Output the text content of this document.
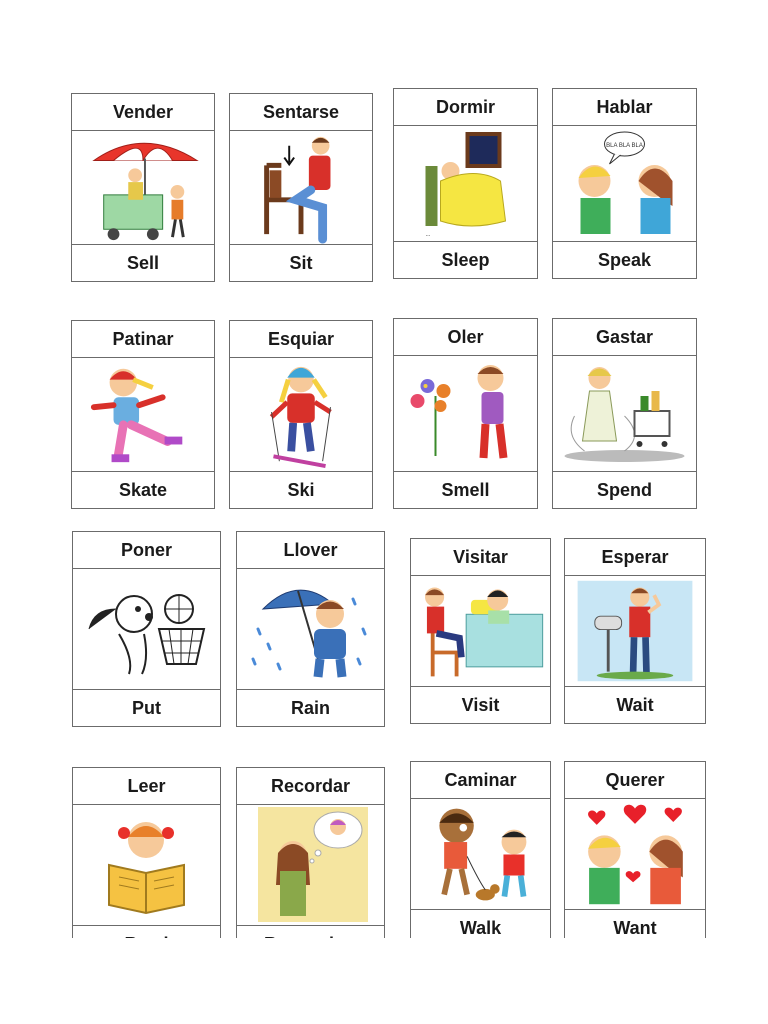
Vender
Sell
Sentarse
Sit
Dormir
...
Sleep
Hablar
BLA BLA BLA
Speak
Patinar
Skate
Esquiar
Ski
Oler
Smell
Gastar
Spend
Poner
Put
Llover
Rain
Visitar
Visit
Esperar
Wait
Leer	Recordar	Caminar
Walk
Querer
Want
